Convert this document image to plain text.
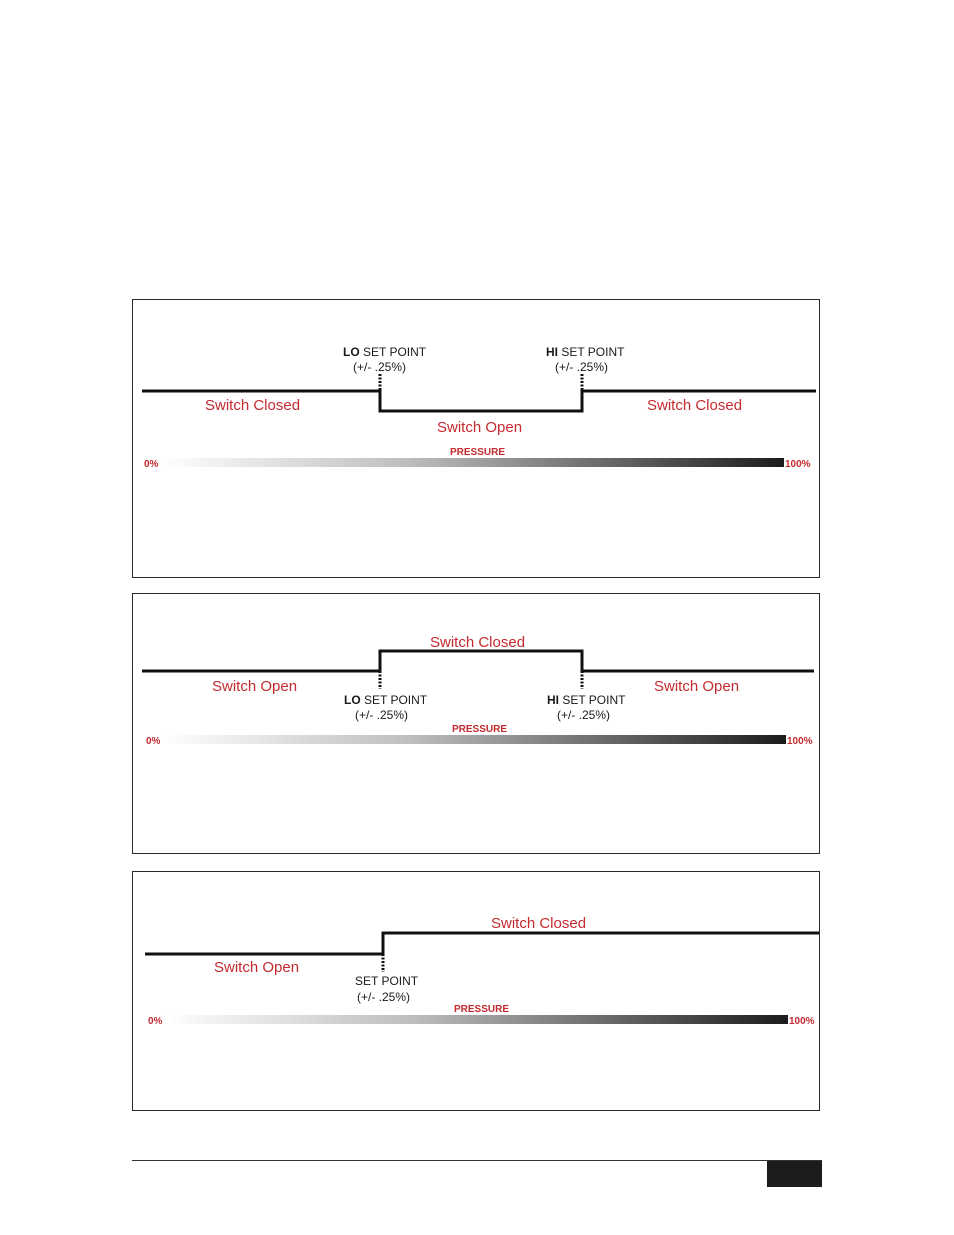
LO SET POINT
(+/- .25%)
HI SET POINT
(+/- .25%)
Switch Closed
Switch Open
Switch Closed
PRESSURE
0%	100%
Switch Closed
Switch Open	Switch Open
LO SET POINT
(+/- .25%)
HI SET POINT
(+/- .25%)
PRESSURE
0%	100%
Switch Closed
Switch Open
SET POINT
(+/- .25%)
PRESSURE
0%	100%
